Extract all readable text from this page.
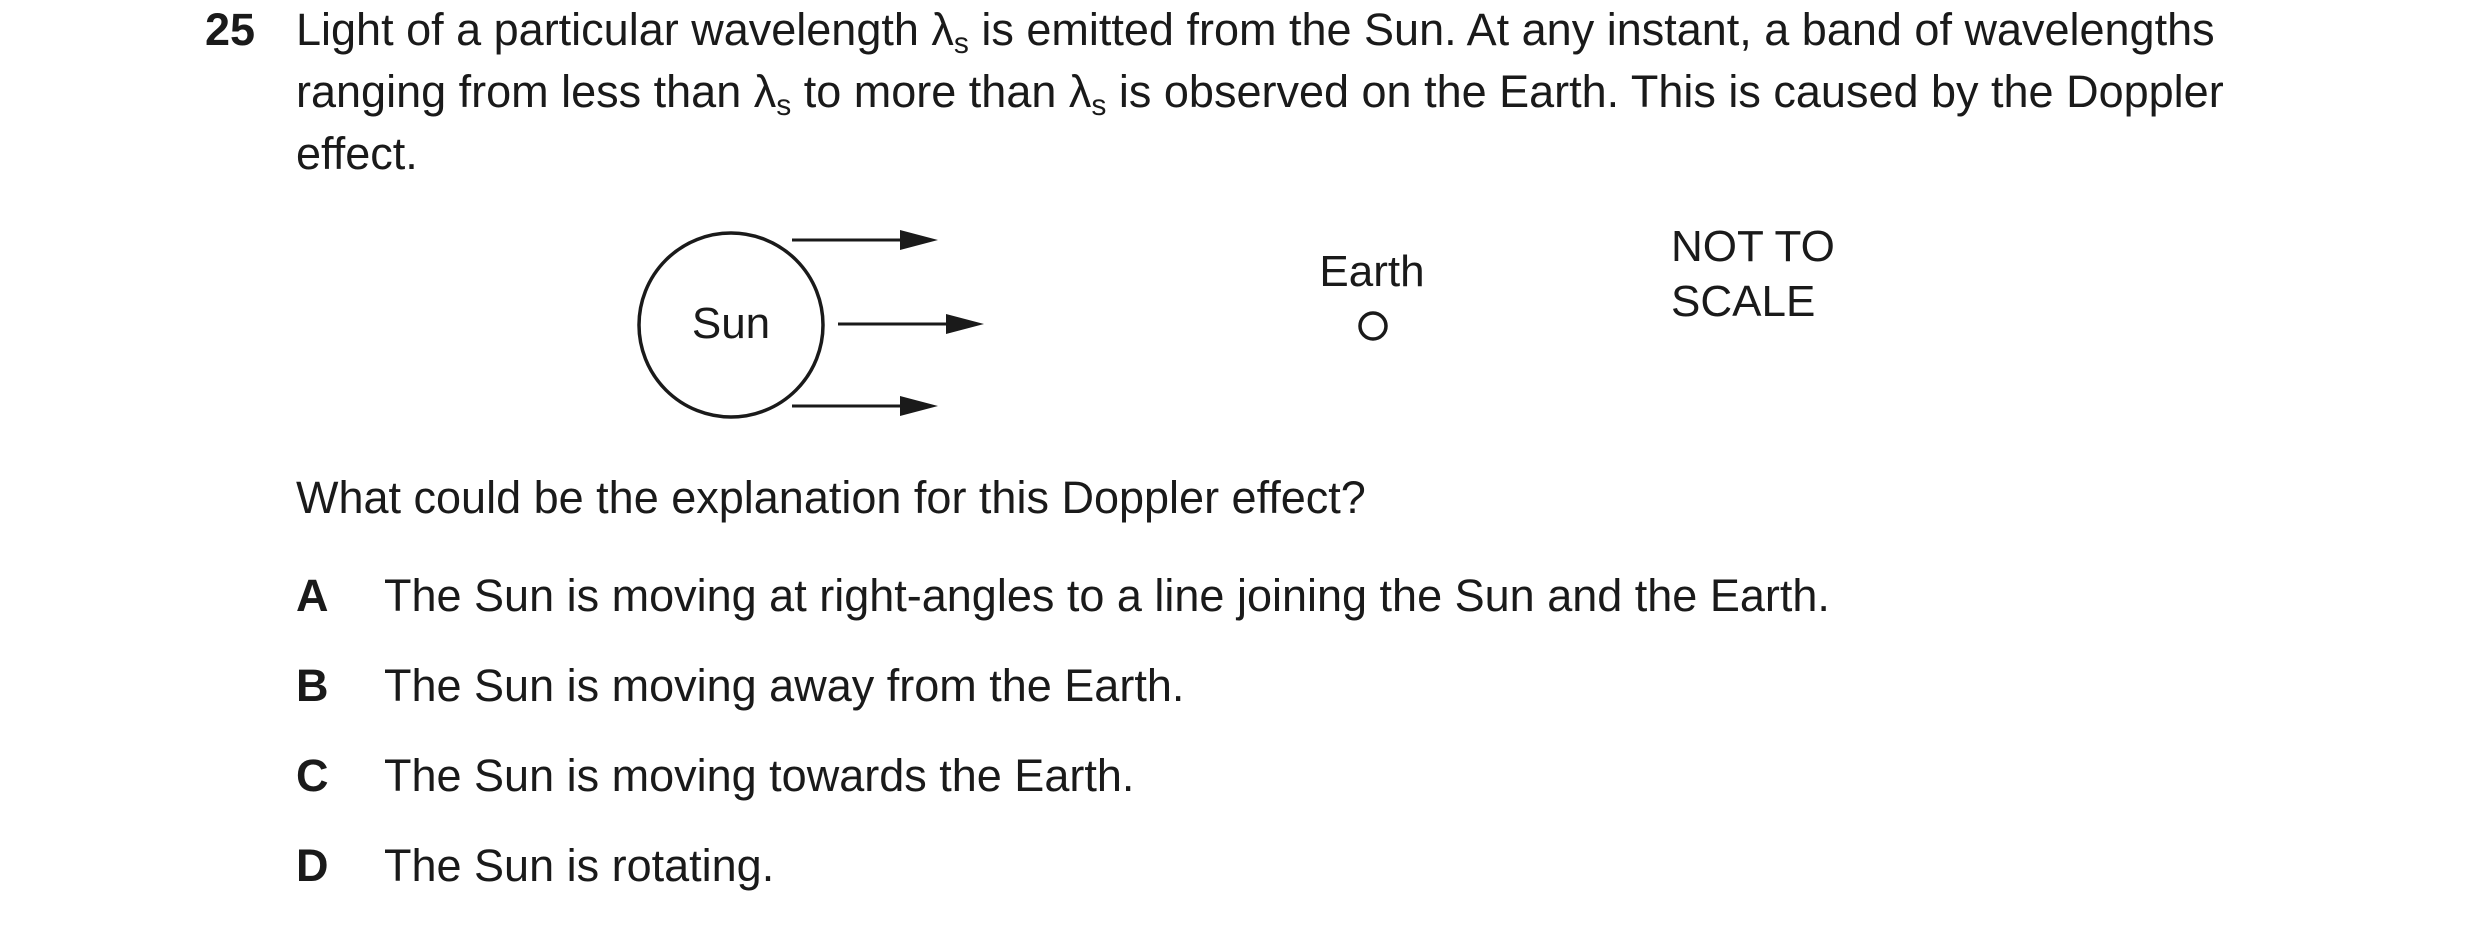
25 Light of a particular wavelength λs is emitted from the Sun. At any instant, a band of wavelengths
ranging from less than λs to more than λs is observed on the Earth. This is caused by the Doppler
effect.
Sun
Earth
NOT TO
SCALE
What could be the explanation for this Doppler effect?
A The Sun is moving at right-angles to a line joining the Sun and the Earth.
B The Sun is moving away from the Earth.
C The Sun is moving towards the Earth.
D The Sun is rotating.
